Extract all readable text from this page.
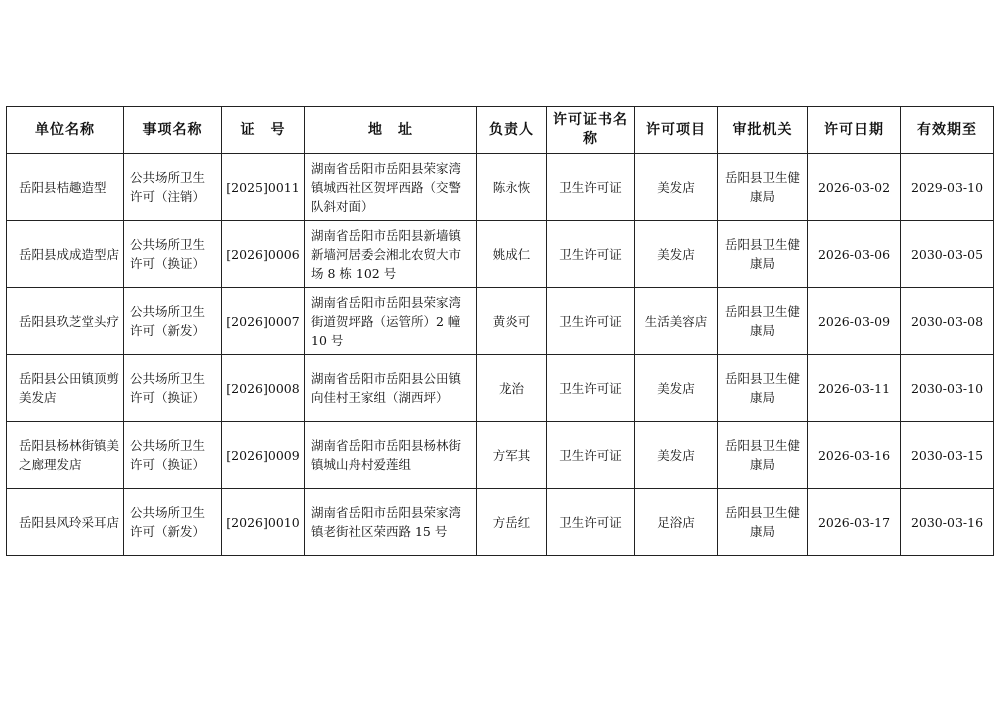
单位名称	事项名称	证　号	地　址	负责人	许可证书名称	许可项目	审批机关	许可日期	有效期至
岳阳县桔趣造型	公共场所卫生许可（注销）	[2025]0011	湖南省岳阳市岳阳县荣家湾镇城西社区贺坪西路（交警队斜对面）	陈永恢	卫生许可证	美发店	岳阳县卫生健康局	2026-03-02	2029-03-10
岳阳县成成造型店	公共场所卫生许可（换证）	[2026]0006	湖南省岳阳市岳阳县新墙镇新墙河居委会湘北农贸大市场 8 栋 102 号	姚成仁	卫生许可证	美发店	岳阳县卫生健康局	2026-03-06	2030-03-05
岳阳县玖芝堂头疗	公共场所卫生许可（新发）	[2026]0007	湖南省岳阳市岳阳县荣家湾街道贺坪路（运管所）2 幢 10 号	黄炎可	卫生许可证	生活美容店	岳阳县卫生健康局	2026-03-09	2030-03-08
岳阳县公田镇顶剪美发店	公共场所卫生许可（换证）	[2026]0008	湖南省岳阳市岳阳县公田镇向佳村王家组（湖西坪）	龙治	卫生许可证	美发店	岳阳县卫生健康局	2026-03-11	2030-03-10
岳阳县杨林街镇美之廊理发店	公共场所卫生许可（换证）	[2026]0009	湖南省岳阳市岳阳县杨林街镇城山舟村爱莲组	方军其	卫生许可证	美发店	岳阳县卫生健康局	2026-03-16	2030-03-15
岳阳县风玲采耳店	公共场所卫生许可（新发）	[2026]0010	湖南省岳阳市岳阳县荣家湾镇老街社区荣西路 15 号	方岳红	卫生许可证	足浴店	岳阳县卫生健康局	2026-03-17	2030-03-16
